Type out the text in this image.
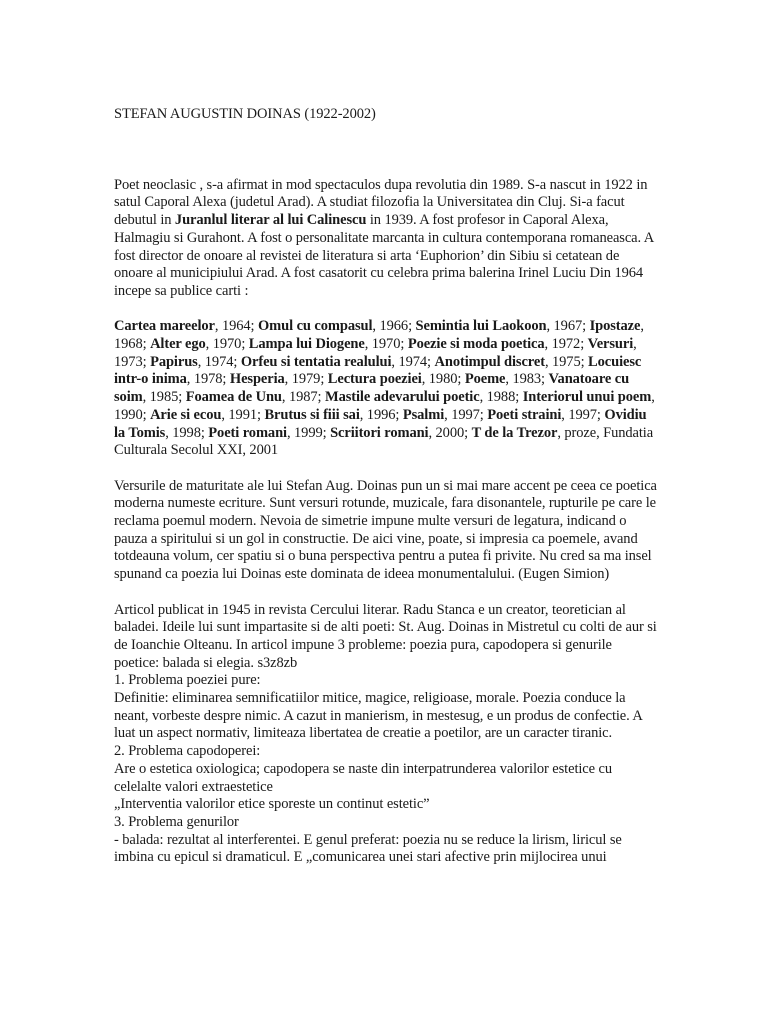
STEFAN AUGUSTIN DOINAS (1922-2002)

Poet neoclasic , s-a afirmat in mod spectaculos dupa revolutia din 1989. S-a nascut in 1922 in satul Caporal Alexa (judetul Arad). A studiat filozofia la Universitatea din Cluj. Si-a facut debutul in Juranlul literar al lui Calinescu in 1939. A fost profesor in Caporal Alexa, Halmagiu si Gurahont. A fost o personalitate marcanta in cultura contemporana romaneasca. A fost director de onoare al revistei de literatura si arta ‘Euphorion’ din Sibiu si cetatean de onoare al municipiului Arad. A fost casatorit cu celebra prima balerina Irinel Luciu Din 1964 incepe sa publice carti :

Cartea mareelor, 1964; Omul cu compasul, 1966; Semintia lui Laokoon, 1967; Ipostaze, 1968; Alter ego, 1970; Lampa lui Diogene, 1970; Poezie si moda poetica, 1972; Versuri, 1973; Papirus, 1974; Orfeu si tentatia realului, 1974; Anotimpul discret, 1975; Locuiesc intr-o inima, 1978; Hesperia, 1979; Lectura poeziei, 1980; Poeme, 1983; Vanatoare cu soim, 1985; Foamea de Unu, 1987; Mastile adevarului poetic, 1988; Interiorul unui poem, 1990; Arie si ecou, 1991; Brutus si fiii sai, 1996; Psalmi, 1997; Poeti straini, 1997; Ovidiu la Tomis, 1998; Poeti romani, 1999; Scriitori romani, 2000; T de la Trezor, proze, Fundatia Culturala Secolul XXI, 2001

Versurile de maturitate ale lui Stefan Aug. Doinas pun un si mai mare accent pe ceea ce poetica moderna numeste ecriture. Sunt versuri rotunde, muzicale, fara disonantele, rupturile pe care le reclama poemul modern. Nevoia de simetrie impune multe versuri de legatura, indicand o pauza a spiritului si un gol in constructie. De aici vine, poate, si impresia ca poemele, avand totdeauna volum, cer spatiu si o buna perspectiva pentru a putea fi privite. Nu cred sa ma insel spunand ca poezia lui Doinas este dominata de ideea monumentalului. (Eugen Simion)

Articol publicat in 1945 in revista Cercului literar. Radu Stanca e un creator, teoretician al baladei. Ideile lui sunt impartasite si de alti poeti: St. Aug. Doinas in Mistretul cu colti de aur si de Ioanchie Olteanu. In articol impune 3 probleme: poezia pura, capodopera si genurile poetice: balada si elegia. s3z8zb

1. Problema poeziei pure:

Definitie: eliminarea semnificatiilor mitice, magice, religioase, morale. Poezia conduce la neant, vorbeste despre nimic. A cazut in manierism, in mestesug, e un produs de confectie. A luat un aspect normativ, limiteaza libertatea de creatie a poetilor, are un caracter tiranic.

2. Problema capodoperei:

Are o estetica oxiologica; capodopera se naste din interpatrunderea valorilor estetice cu celelalte valori extraestetice

„Interventia valorilor etice sporeste un continut estetic”

3. Problema genurilor

- balada: rezultat al interferentei. E genul preferat: poezia nu se reduce la lirism, liricul se imbina cu epicul si dramaticul. E „comunicarea unei stari afective prin mijlocirea unui
